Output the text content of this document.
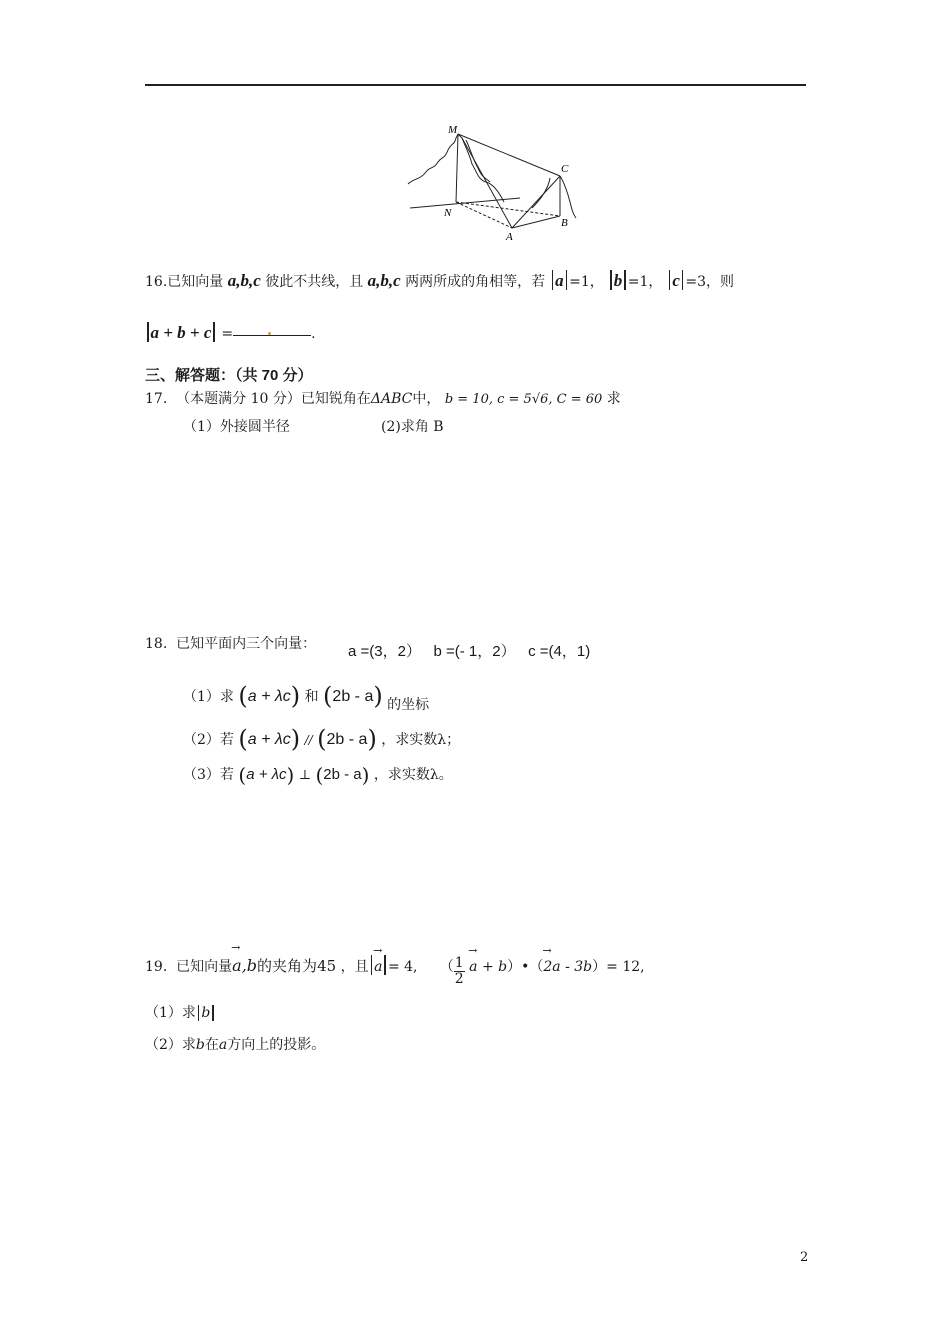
M
N
A
B
C
16.已知向量 a,b,c 彼此不共线，且 a,b,c 两两所成的角相等，若 a =1， b =1， c =3，则
a + b + c =	.
三、解答题：（共 70 分）
17. （本题满分 10 分）已知锐角在ΔABC中， b = 10, c = 5√6, C = 60 求
（1）外接圆半径	(2)求角 B
18. 已知平面内三个向量： a =(3，2） b =(- 1，2） c =(4，1)
（1）求 (a + λc) 和 (2b - a) 的坐标
（2）若 (a + λc) // (2b - a) ，求实数λ；
（3）若 (a + λc) ⊥ (2b - a) ，求实数λ。
19. 已知向量→ a,b的夹角为45 ，且→ a = 4,     （ $\frac{1}{2}$
→ a + b）•（→ 2a - 3b）= 12,
（1）求 b
（2）求b在a方向上的投影。
2
